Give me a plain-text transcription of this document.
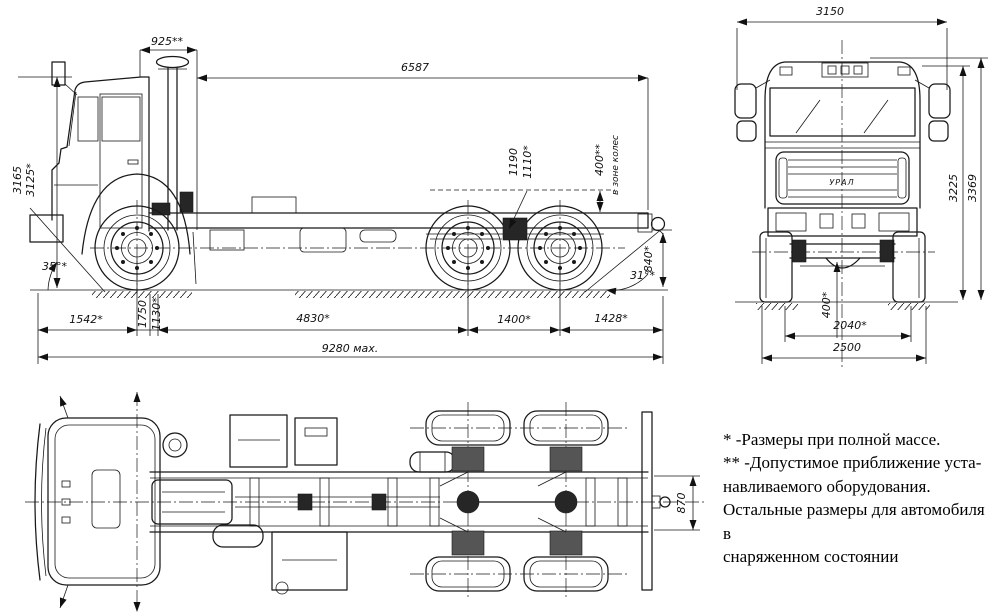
925**
6587
3165 3125*
1190 1110*	400** в зоне колес
35°*
31°*
840*
1542*	1750 1130*	4830*	1400*	1428*
9280 мах.
УРАЛ
3150
3225 3369
400*
2040*
2500
870
* -Размеры при полной массе.
** -Допустимое приближение уста-
навливаемого оборудования.
Остальные размеры для автомобиля в
снаряженном состоянии
